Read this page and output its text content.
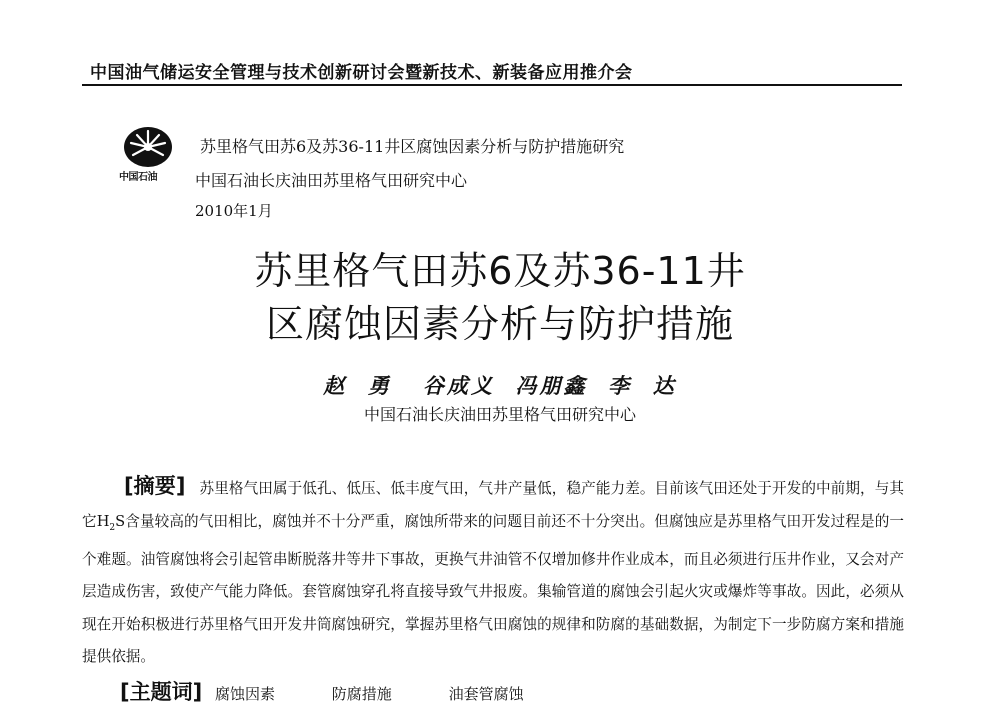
中国油气储运安全管理与技术创新研讨会暨新技术、新装备应用推介会
中国石油
苏里格气田苏6及苏36-11井区腐蚀因素分析与防护措施研究
中国石油长庆油田苏里格气田研究中心
2010年1月
苏里格气田苏6及苏36-11井
区腐蚀因素分析与防护措施
赵  勇   谷成义  冯朋鑫  李  达
中国石油长庆油田苏里格气田研究中心
[摘要] 苏里格气田属于低孔、低压、低丰度气田，气井产量低，稳产能力差。目前该气田还处于开发的中前期，与其它$H_2S$含量较高的气田相比，腐蚀并不十分严重，腐蚀所带来的问题目前还不十分突出。但腐蚀应是苏里格气田开发过程是的一个难题。油管腐蚀将会引起管串断脱落井等井下事故，更换气井油管不仅增加修井作业成本，而且必须进行压井作业，又会对产层造成伤害，致使产气能力降低。套管腐蚀穿孔将直接导致气井报废。集输管道的腐蚀会引起火灾或爆炸等事故。因此，必须从现在开始积极进行苏里格气田开发井筒腐蚀研究，掌握苏里格气田腐蚀的规律和防腐的基础数据，为制定下一步防腐方案和措施提供依据。
[主题词] 腐蚀因素	防腐措施	油套管腐蚀
